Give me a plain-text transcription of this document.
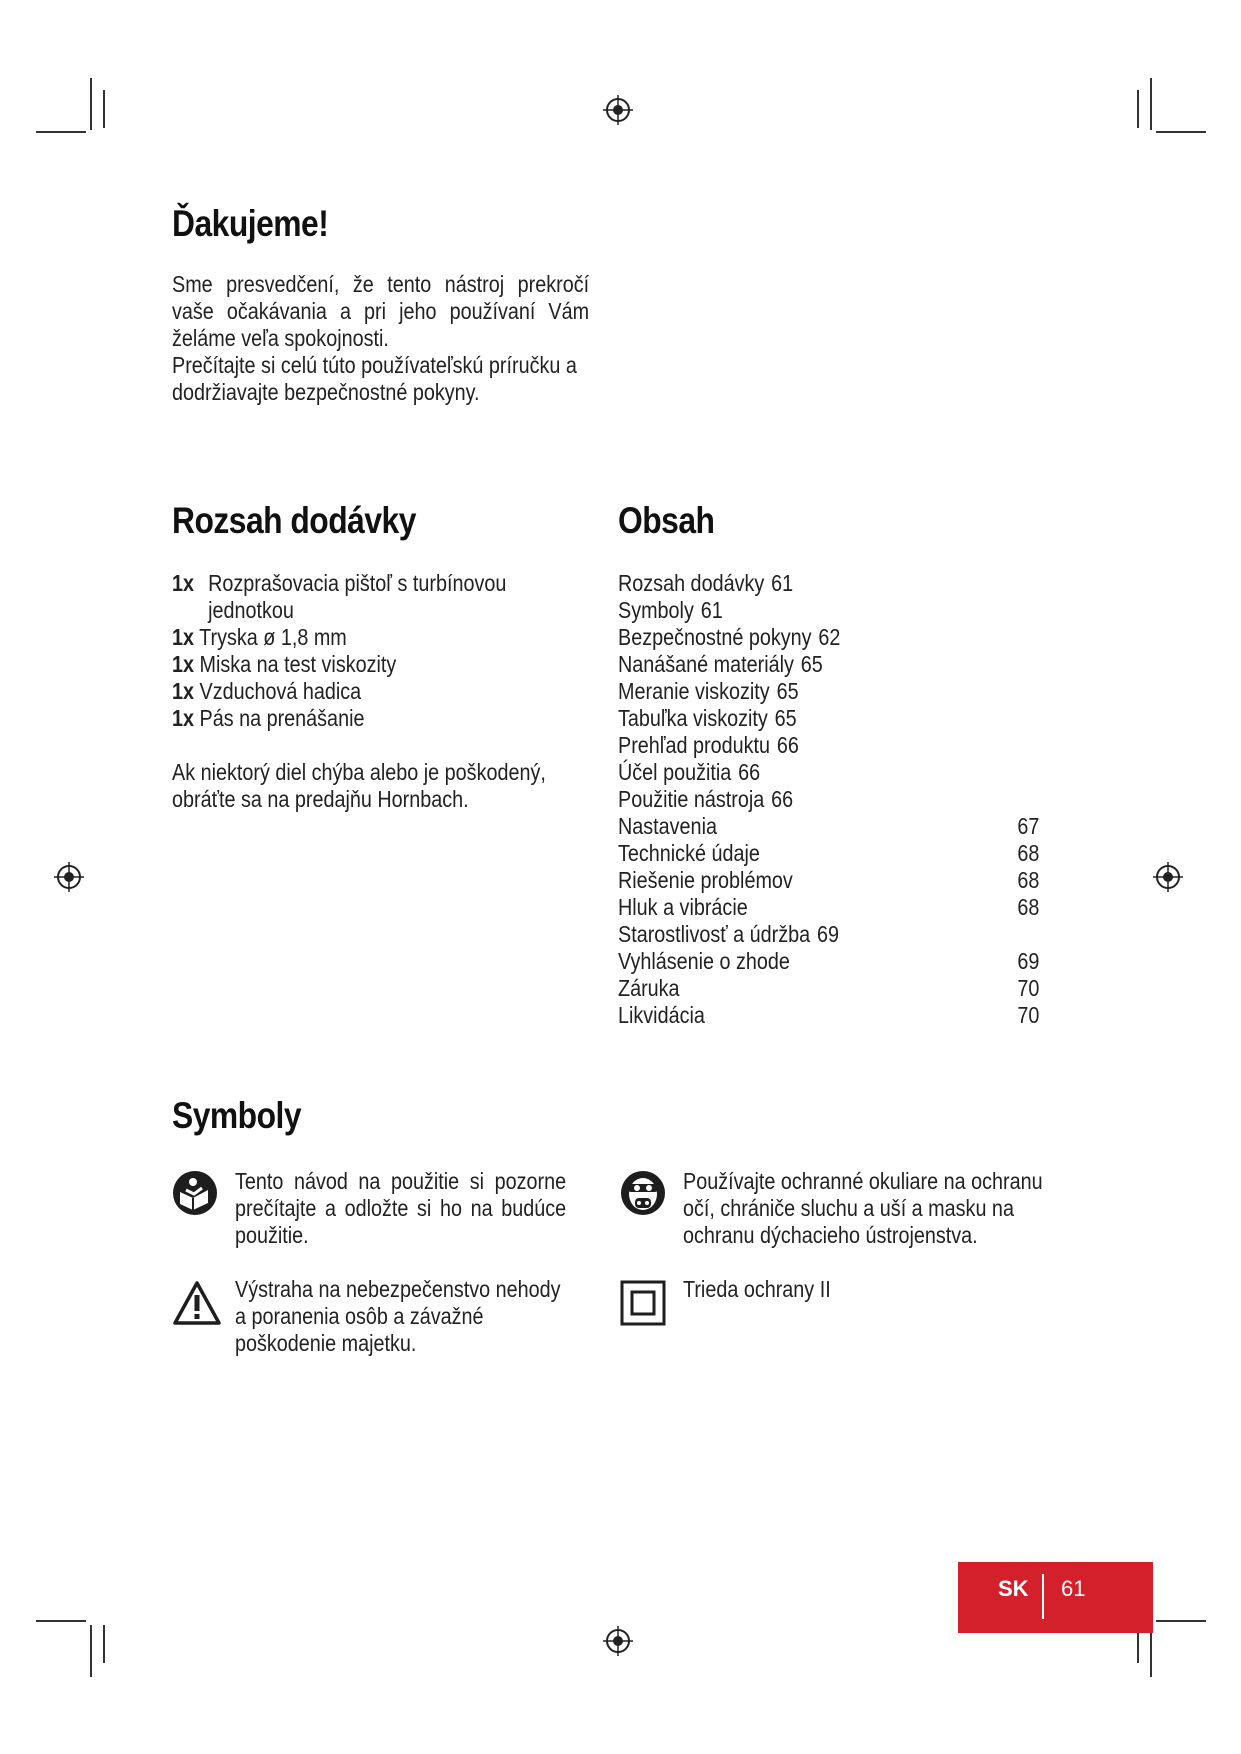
Ďakujeme!

Sme presvedčení, že tento nástroj prekročí vaše očakávania a pri jeho používaní Vám želáme veľa spokojnosti.

Prečítajte si celú túto používateľskú príručku a dodržiavajte bezpečnostné pokyny.

Rozsah dodávky
1x Rozprašovacia pištoľ s turbínovou jednotkou
1x Tryska ø 1,8 mm
1x Miska na test viskozity
1x Vzduchová hadica
1x Pás na prenášanie

Ak niektorý diel chýba alebo je poškodený, obráťte sa na predajňu Hornbach.

Obsah
Rozsah dodávky 61
Symboly 61
Bezpečnostné pokyny 62
Nanášané materiály 65
Meranie viskozity 65
Tabuľka viskozity 65
Prehľad produktu 66
Účel použitia 66
Použitie nástroja 66
Nastavenia	67
Technické údaje	68
Riešenie problémov	68
Hluk a vibrácie	68
Starostlivosť a údržba 69
Vyhlásenie o zhode	69
Záruka	70
Likvidácia	70
Symboly

Tento návod na použitie si pozorne prečítajte a odložte si ho na budúce použitie.

Používajte ochranné okuliare na ochranu očí, chrániče sluchu a uší a masku na ochranu dýchacieho ústrojenstva.

Výstraha na nebezpečenstvo nehody a poranenia osôb a závažné poškodenie majetku.

Trieda ochrany II

SK 61
